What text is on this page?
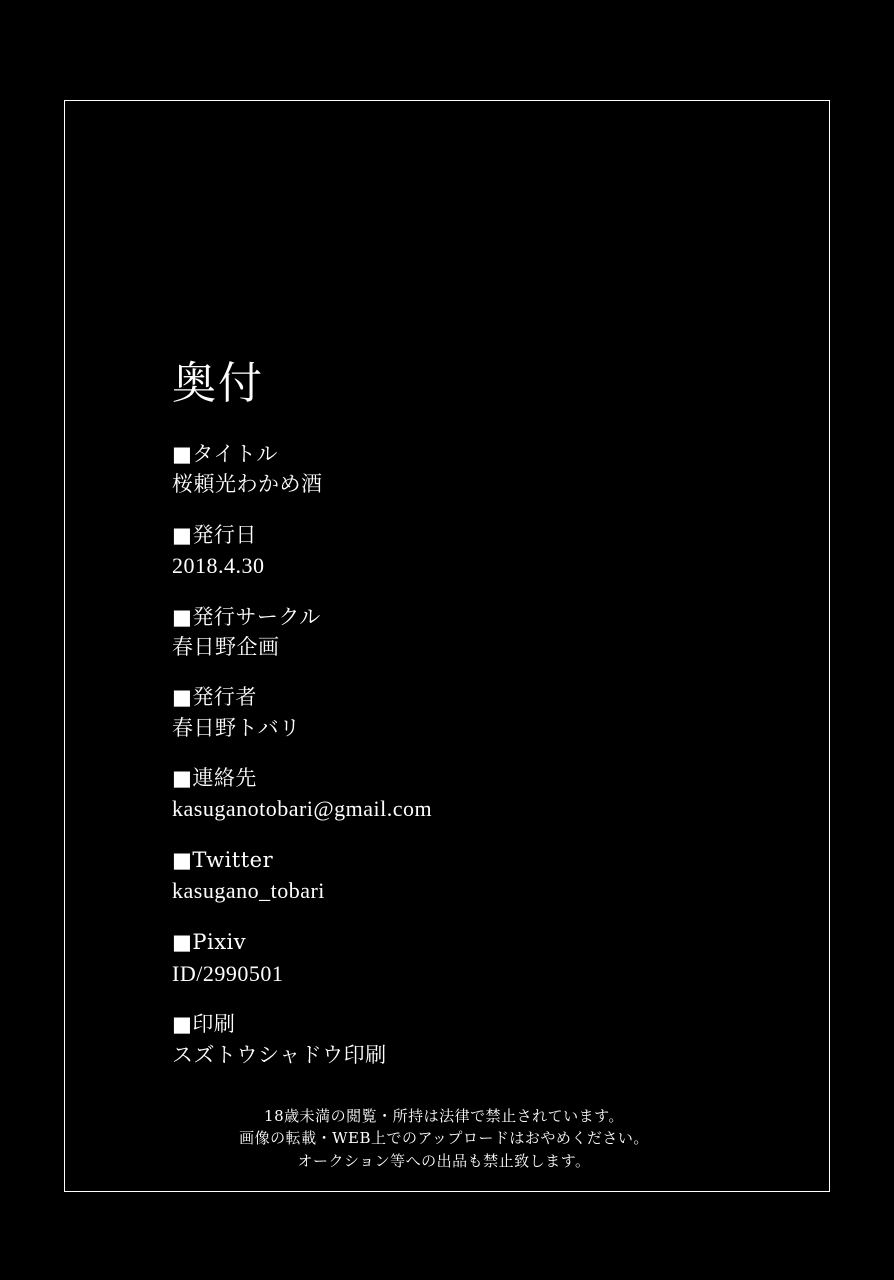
奥付

■タイトル

桜頼光わかめ酒

■発行日

2018.4.30

■発行サークル

春日野企画

■発行者

春日野トバリ

■連絡先

kasuganotobari@gmail.com

■Twitter

kasugano_tobari

■Pixiv

ID/2990501

■印刷

スズトウシャドウ印刷

18歳未満の閲覧・所持は法律で禁止されています。

画像の転載・WEB上でのアップロードはおやめください。

オークション等への出品も禁止致します。
